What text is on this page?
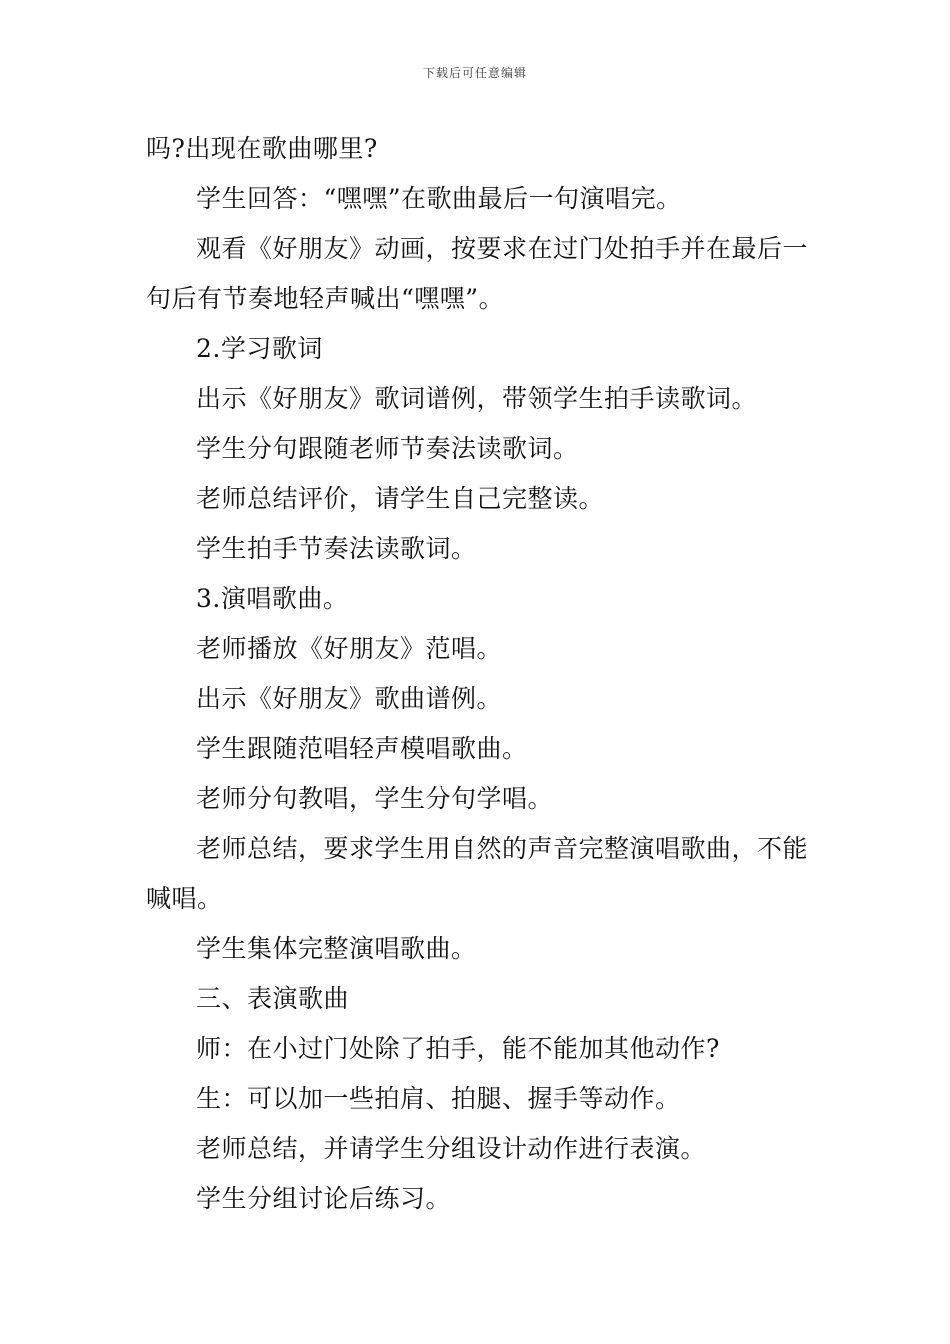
下载后可任意编辑

吗?出现在歌曲哪里?

学生回答：“嘿嘿”在歌曲最后一句演唱完。

观看《好朋友》动画，按要求在过门处拍手并在最后一句后有节奏地轻声喊出“嘿嘿”。

2.学习歌词

出示《好朋友》歌词谱例，带领学生拍手读歌词。

学生分句跟随老师节奏法读歌词。

老师总结评价，请学生自己完整读。

学生拍手节奏法读歌词。

3.演唱歌曲。

老师播放《好朋友》范唱。

出示《好朋友》歌曲谱例。

学生跟随范唱轻声模唱歌曲。

老师分句教唱，学生分句学唱。

老师总结，要求学生用自然的声音完整演唱歌曲，不能喊唱。

学生集体完整演唱歌曲。

三、表演歌曲

师：在小过门处除了拍手，能不能加其他动作?

生：可以加一些拍肩、拍腿、握手等动作。

老师总结，并请学生分组设计动作进行表演。

学生分组讨论后练习。
